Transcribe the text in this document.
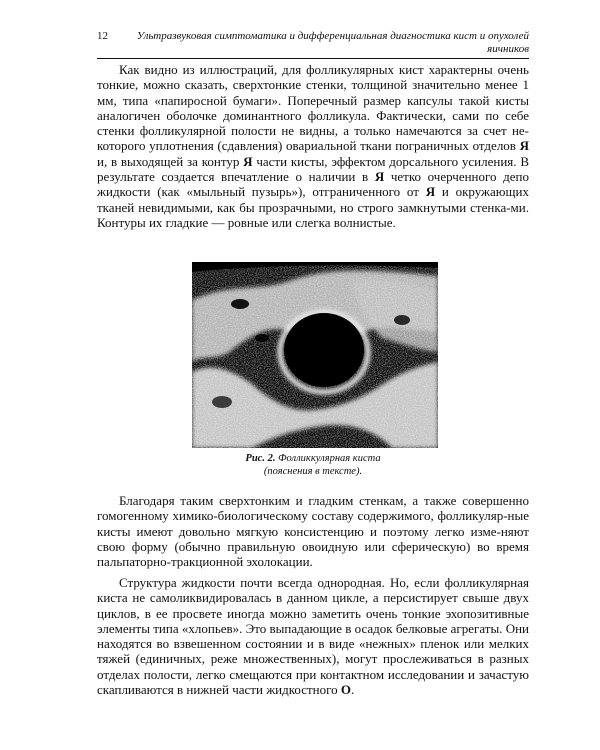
12	Ультразвуковая симптоматика и дифференциальная диагностика кист и опухолей яичников

Как видно из иллюстраций, для фолликулярных кист характерны очень тонкие, можно сказать, сверхтонкие стенки, толщиной значительно менее 1 мм, типа «папиросной бумаги». Поперечный размер капсулы такой кисты аналогичен оболочке доминантного фолликула. Фактически, сами по себе стенки фолликулярной полости не видны, а только намечаются за счет не-которого уплотнения (сдавления) овариальной ткани пограничных отделов Я и, в выходящей за контур Я части кисты, эффектом дорсального усиления. В результате создается впечатление о наличии в Я четко очерченного депо жидкости (как «мыльный пузырь»), отграниченного от Я и окружающих тканей невидимыми, как бы прозрачными, но строго замкнутыми стенка-ми. Контуры их гладкие — ровные или слегка волнистые.

Рис. 2. Фолликкулярная киста
(пояснения в тексте).

Благодаря таким сверхтонким и гладким стенкам, а также совершенно гомогенному химико-биологическому составу содержимого, фолликуляр-ные кисты имеют довольно мягкую консистенцию и поэтому легко изме-няют свою форму (обычно правильную овоидную или сферическую) во время пальпаторно-тракционной эхолокации.

Структура жидкости почти всегда однородная. Но, если фолликулярная киста не самоликвидировалась в данном цикле, а персистирует свыше двух циклов, в ее просвете иногда можно заметить очень тонкие эхопозитивные элементы типа «хлопьев». Это выпадающие в осадок белковые агрегаты. Они находятся во взвешенном состоянии и в виде «нежных» пленок или мелких тяжей (единичных, реже множественных), могут прослеживаться в разных отделах полости, легко смещаются при контактном исследовании и зачастую скапливаются в нижней части жидкостного О.
